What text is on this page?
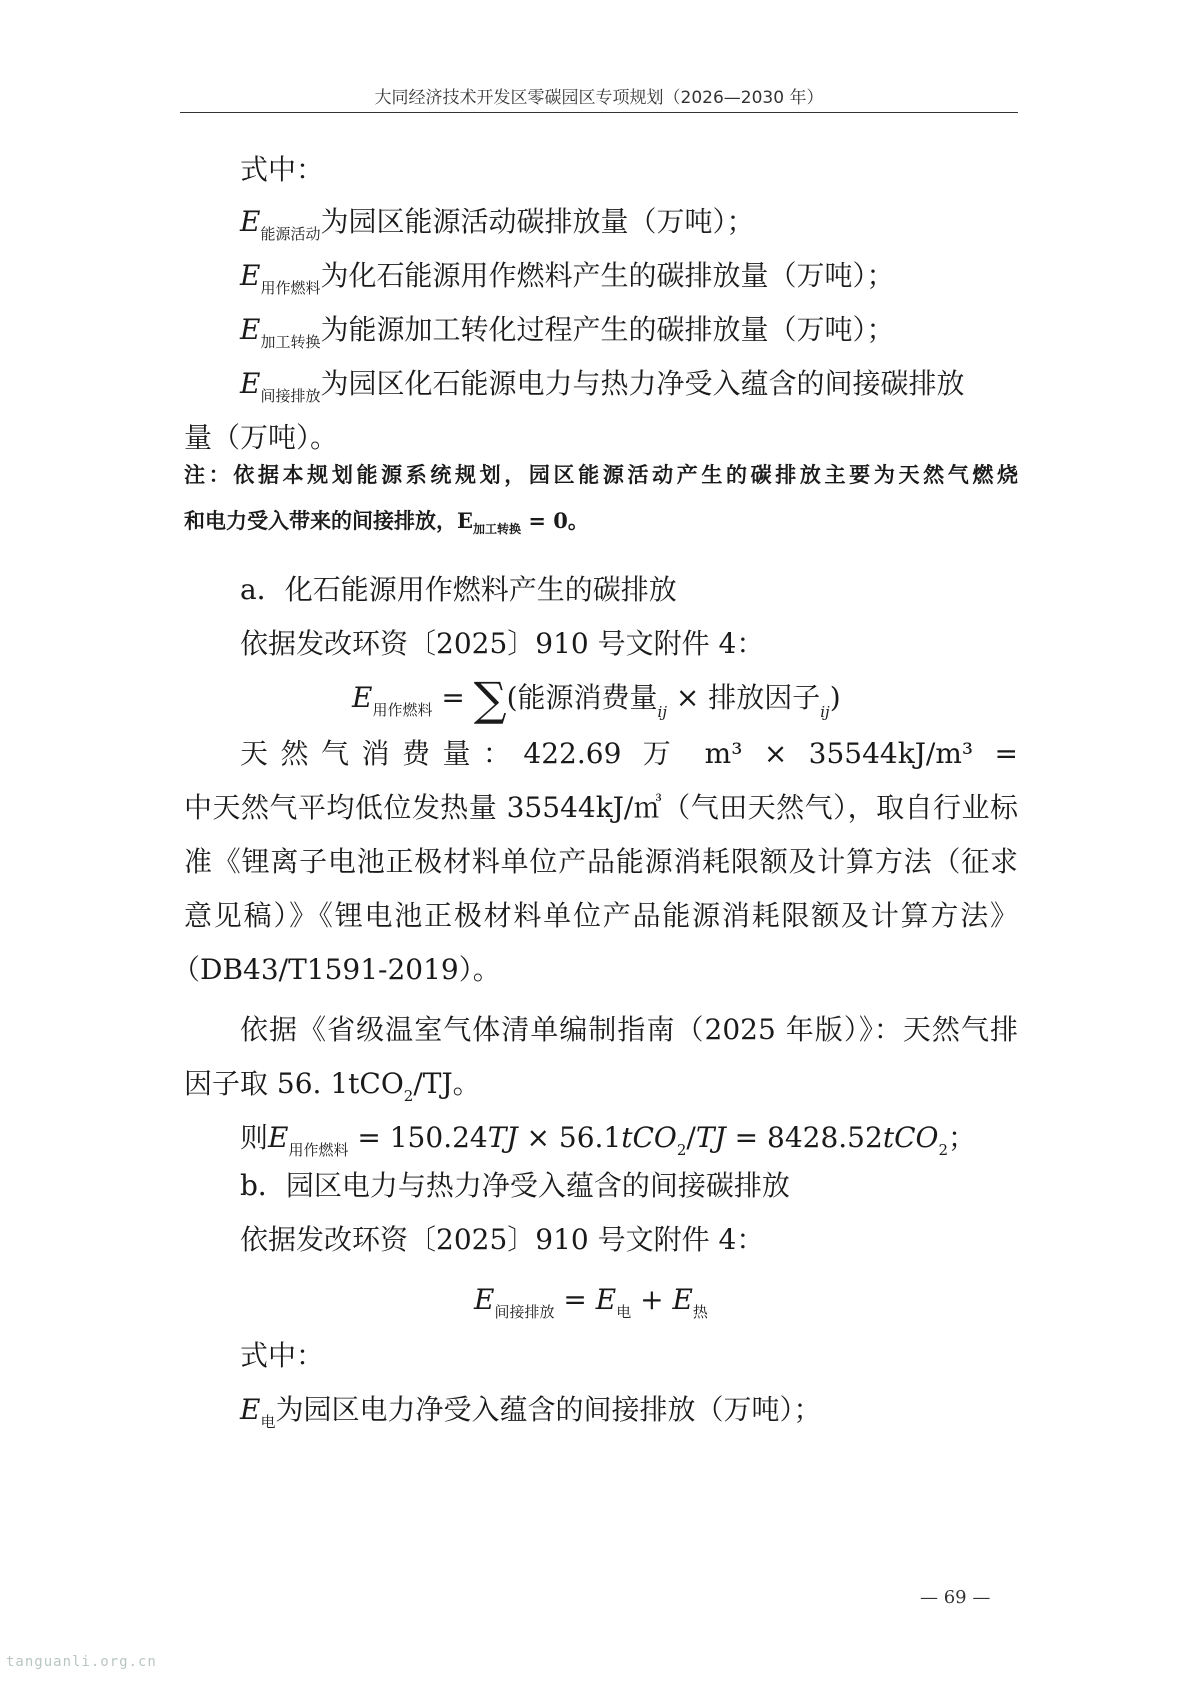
大同经济技术开发区零碳园区专项规划（2026—2030 年）
式中：
$E_{能源活动}$为园区能源活动碳排放量（万吨）；
$E_{用作燃料}$为化石能源用作燃料产生的碳排放量（万吨）；
$E_{加工转换}$为能源加工转化过程产生的碳排放量（万吨）；
$E_{间接排放}$为园区化石能源电力与热力净受入蕴含的间接碳排放
量（万吨）。
注：依据本规划能源系统规划，园区能源活动产生的碳排放主要为天然气燃烧
和电力受入带来的间接排放，$E_{加工转换} = 0$。
a．化石能源用作燃料产生的碳排放
依据发改环资〔2025〕910 号文附件 4：
$E_{用作燃料}$ = ∑(能源消费量$_{ij}$ × 排放因子$_{ij}$)
天然气消费量：422.69 万 m³ × 35544kJ/m³ =
中天然气平均低位发热量 35544kJ/㎥（气田天然气），取自行业标
准《锂离子电池正极材料单位产品能源消耗限额及计算方法（征求
意见稿）》《锂电池正极材料单位产品能源消耗限额及计算方法》
（DB43/T1591-2019）。
依据《省级温室气体清单编制指南（2025 年版）》：天然气排
因子取 56. 1tCO$_2$/TJ。
则$E_{用作燃料} = 150.24TJ \times 56.1tCO_2/TJ = 8428.52tCO_2$；
b．园区电力与热力净受入蕴含的间接碳排放
依据发改环资〔2025〕910 号文附件 4：
$E_{间接排放} = E_电 + E_热$
式中：
$E_电$为园区电力净受入蕴含的间接排放（万吨）；
— 69 —
tanguanli.org.cn
